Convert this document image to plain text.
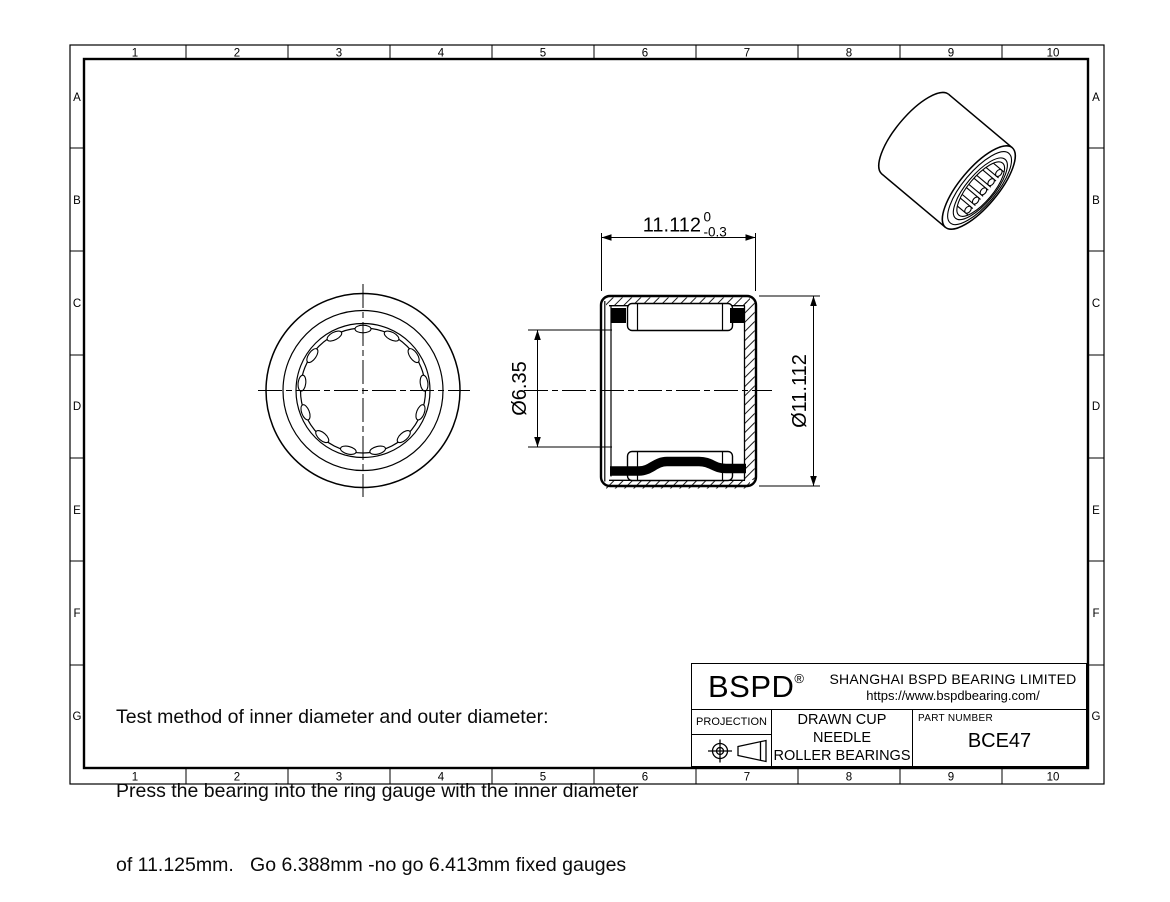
1	2	3	4	5	6	7	8	9	10
1	2	3	4	5	6	7	8	9	10
A
B
C
D
E
F
G
A
B
C
D
E
F
G
11.112 0
-0.3
Ø6.35	Ø11.112

Test method of inner diameter and outer diameter:

Press the bearing into the ring gauge with the inner diameter

of 11.125mm.   Go 6.388mm -no go 6.413mm fixed gauges

BSPD®	SHANGHAI BSPD BEARING LIMITED
https://www.bspdbearing.com/
PROJECTION	DRAWN CUP NEEDLE
ROLLER BEARINGS
PART NUMBER
BCE47
